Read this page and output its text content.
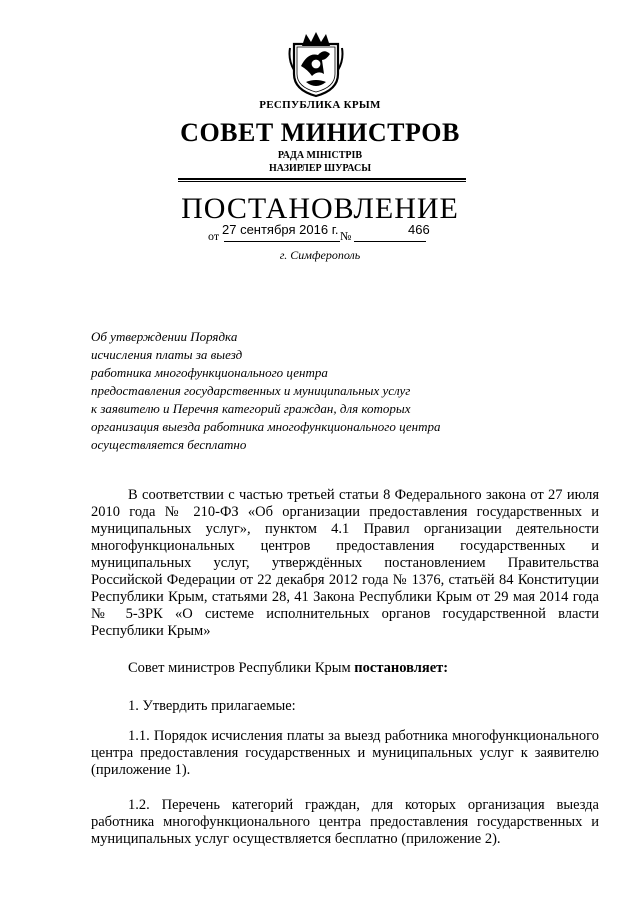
РЕСПУБЛИКА КРЫМ
СОВЕТ МИНИСТРОВ
РАДА МІНІСТРІВ
НАЗИРЛЕР ШУРАСЫ
ПОСТАНОВЛЕНИЕ
от	№
27 сентября 2016 г.	466
г. Симферополь
Об утверждении Порядка
исчисления платы за выезд
работника многофункционального центра
предоставления государственных и муниципальных услуг
к заявителю и Перечня категорий граждан, для которых
организация выезда работника многофункционального центра
осуществляется бесплатно
В соответствии с частью третьей статьи 8 Федерального закона от 27 июля 2010 года № 210-ФЗ «Об организации предоставления государственных и муниципальных услуг», пунктом 4.1 Правил организации деятельности многофункциональных центров предоставления государственных и муниципальных услуг, утверждённых постановлением Правительства Российской Федерации от 22 декабря 2012 года № 1376, статьёй 84 Конституции Республики Крым, статьями 28, 41 Закона Республики Крым от 29 мая 2014 года № 5-ЗРК «О системе исполнительных органов государственной власти Республики Крым»
Совет министров Республики Крым постановляет:
1. Утвердить прилагаемые:
1.1. Порядок исчисления платы за выезд работника многофункционального центра предоставления государственных и муниципальных услуг к заявителю (приложение 1).
1.2. Перечень категорий граждан, для которых организация выезда работника многофункционального центра предоставления государственных и муниципальных услуг осуществляется бесплатно (приложение 2).
